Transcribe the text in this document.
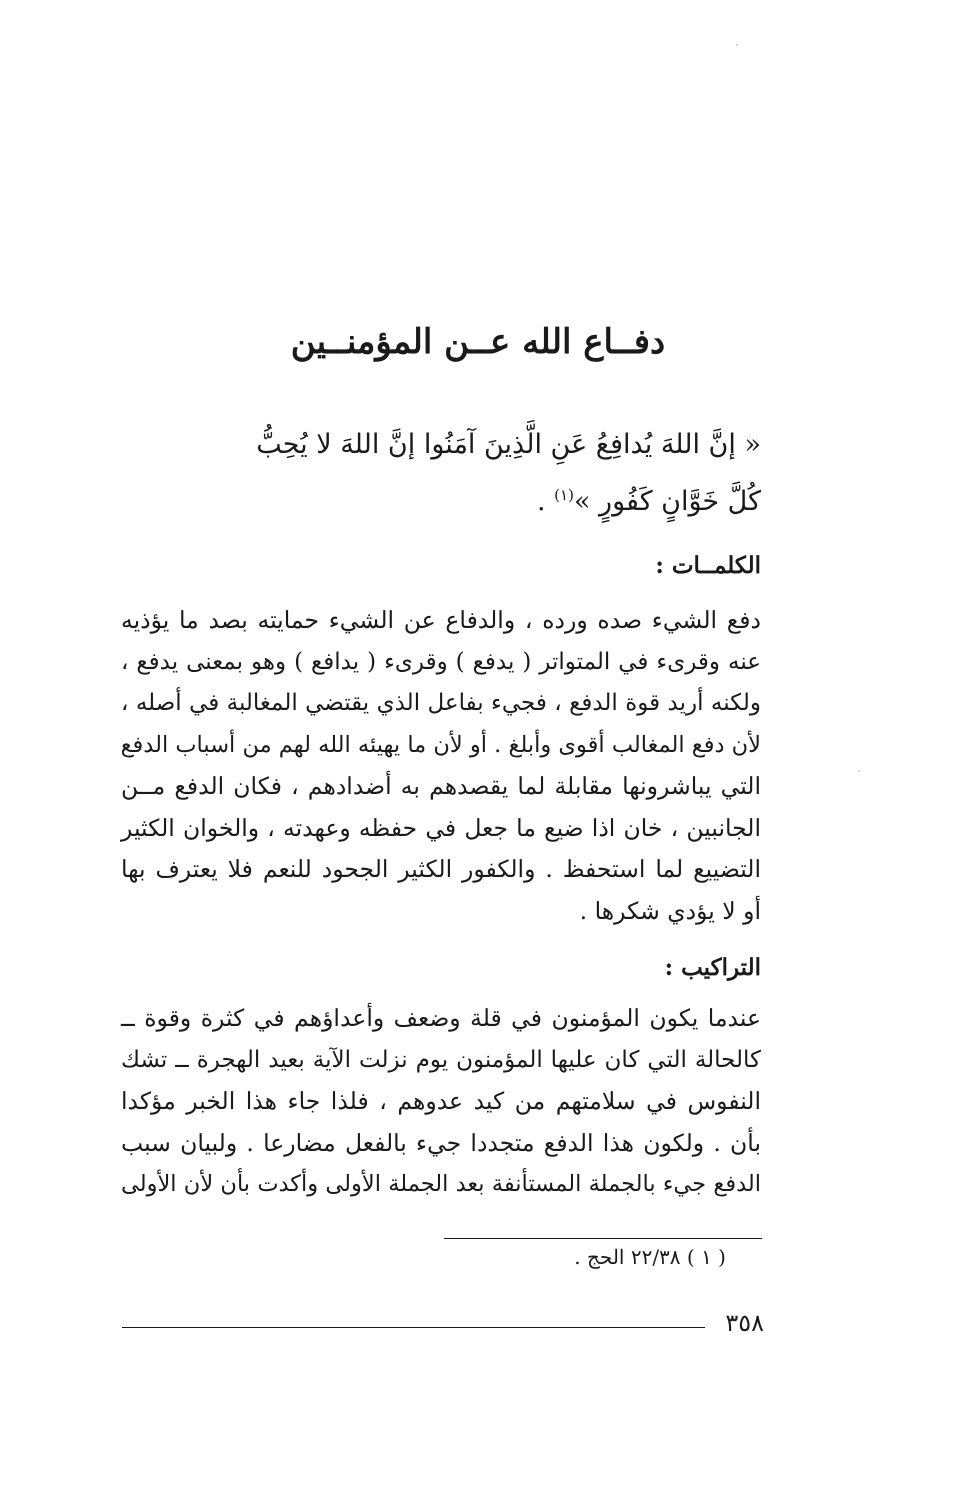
دفــاع الله عــن المؤمنــين
« إنَّ اللهَ يُدافِعُ عَنِ الَّذِينَ آمَنُوا إنَّ اللهَ لا يُحِبُّ
كُلَّ خَوَّانٍ كَفُورٍ »$^{(١)}$ .
الكلمــات :
دفع الشيء صده ورده ، والدفاع عن الشيء حمايته بصد ما يؤذيه
عنه وقرىء في المتواتر ( يدفع ) وقرىء ( يدافع ) وهو بمعنى يدفع ،
ولكنه أريد قوة الدفع ، فجيء بفاعل الذي يقتضي المغالبة في أصله ،
لأن دفع المغالب أقوى وأبلغ . أو لأن ما يهيئه الله لهم من أسباب الدفع
التي يباشرونها مقابلة لما يقصدهم به أضدادهم ، فكان الدفع مــن
الجانبين ، خان اذا ضيع ما جعل في حفظه وعهدته ، والخوان الكثير
التضييع لما استحفظ . والكفور الكثير الجحود للنعم فلا يعترف بها
أو لا يؤدي شكرها .
التراكيب :
عندما يكون المؤمنون في قلة وضعف وأعداؤهم في كثرة وقوة ــ
كالحالة التي كان عليها المؤمنون يوم نزلت الآية بعيد الهجرة ــ تشك
النفوس في سلامتهم من كيد عدوهم ، فلذا جاء هذا الخبر مؤكدا
بأن . ولكون هذا الدفع متجددا جيء بالفعل مضارعا . ولبيان سبب
الدفع جيء بالجملة المستأنفة بعد الجملة الأولى وأكدت بأن لأن الأولى
( ١ ) ٢٢/٣٨ الحج .
٣٥٨
